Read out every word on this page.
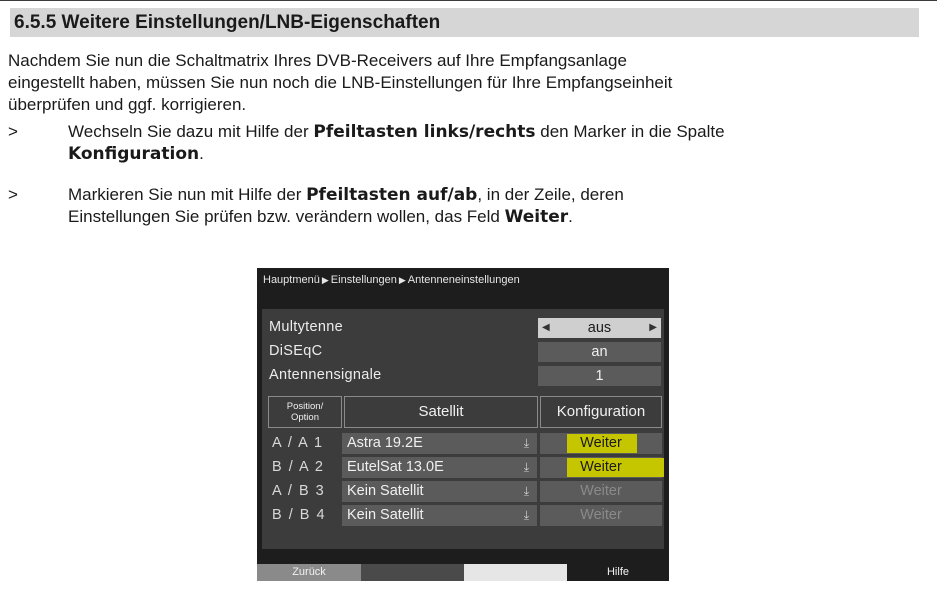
6.5.5 Weitere Einstellungen/LNB-Eigenschaften
Nachdem Sie nun die Schaltmatrix Ihres DVB-Receivers auf Ihre Empfangsanlage
eingestellt haben, müssen Sie nun noch die LNB-Einstellungen für Ihre Empfangseinheit
überprüfen und ggf. korrigieren.
>	Wechseln Sie dazu mit Hilfe der Pfeiltasten links/rechts den Marker in die Spalte
Konfiguration.
>	Markieren Sie nun mit Hilfe der Pfeiltasten auf/ab, in der Zeile, deren
Einstellungen Sie prüfen bzw. verändern wollen, das Feld Weiter.
Hauptmenü ▶ Einstellungen ▶ Antenneneinstellungen
Multytenne	◀	aus	▶
DiSEqC	an
Antennensignale	1
Position/
Option	Satellit	Konfiguration
A / A 1	Astra 19.2E	⤓	Weiter
B / A 2	EutelSat 13.0E	⤓	Weiter
A / B 3	Kein Satellit	⤓	Weiter
B / B 4	Kein Satellit	⤓	Weiter
Zurück	Hilfe
